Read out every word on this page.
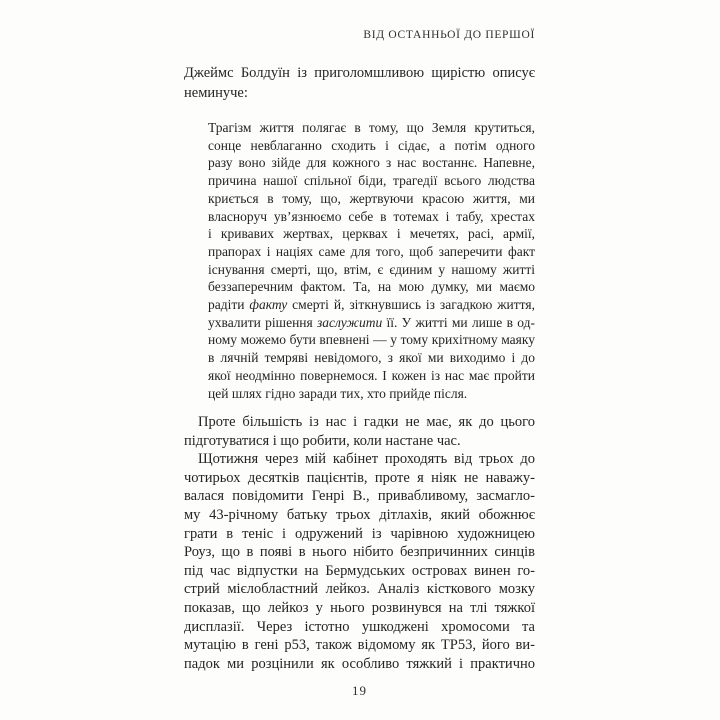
ВІД ОСТАННЬОЇ ДО ПЕРШОЇ
Джеймс Болдуїн із приголомшливою щирістю описує
неминуче:
Трагізм життя полягає в тому, що Земля крутиться,
сонце невблаганно сходить і сідає, а потім одного
разу воно зійде для кожного з нас востаннє. Напевне,
причина нашої спільної біди, трагедії всього людства
криється в тому, що, жертвуючи красою життя, ми
власноруч ув’язнюємо себе в тотемах і табу, хрестах
і кривавих жертвах, церквах і мечетях, расі, армії,
прапорах і націях саме для того, щоб заперечити факт
існування смерті, що, втім, є єдиним у нашому житті
беззаперечним фактом. Та, на мою думку, ми маємо
радіти факту смерті й, зіткнувшись із загадкою життя,
ухвалити рішення заслужити її. У житті ми лише в од-
ному можемо бути впевнені — у тому крихітному маяку
в лячній темряві невідомого, з якої ми виходимо і до
якої неодмінно повернемося. І кожен із нас має пройти
цей шлях гідно заради тих, хто прийде після.
Проте більшість із нас і гадки не має, як до цього
підготуватися і що робити, коли настане час.
Щотижня через мій кабінет проходять від трьох до
чотирьох десятків пацієнтів, проте я ніяк не наважу-
валася повідомити Генрі В., привабливому, засмагло-
му 43-річному батьку трьох дітлахів, який обожнює
грати в теніс і одружений із чарівною художницею
Роуз, що в появі в нього нібито безпричинних синців
під час відпустки на Бермудських островах винен го-
стрий мієлобластний лейкоз. Аналіз кісткового мозку
показав, що лейкоз у нього розвинувся на тлі тяжкої
дисплазії. Через істотно ушкоджені хромосоми та
мутацію в гені p53, також відомому як TP53, його ви-
падок ми розцінили як особливо тяжкий і практично
19
